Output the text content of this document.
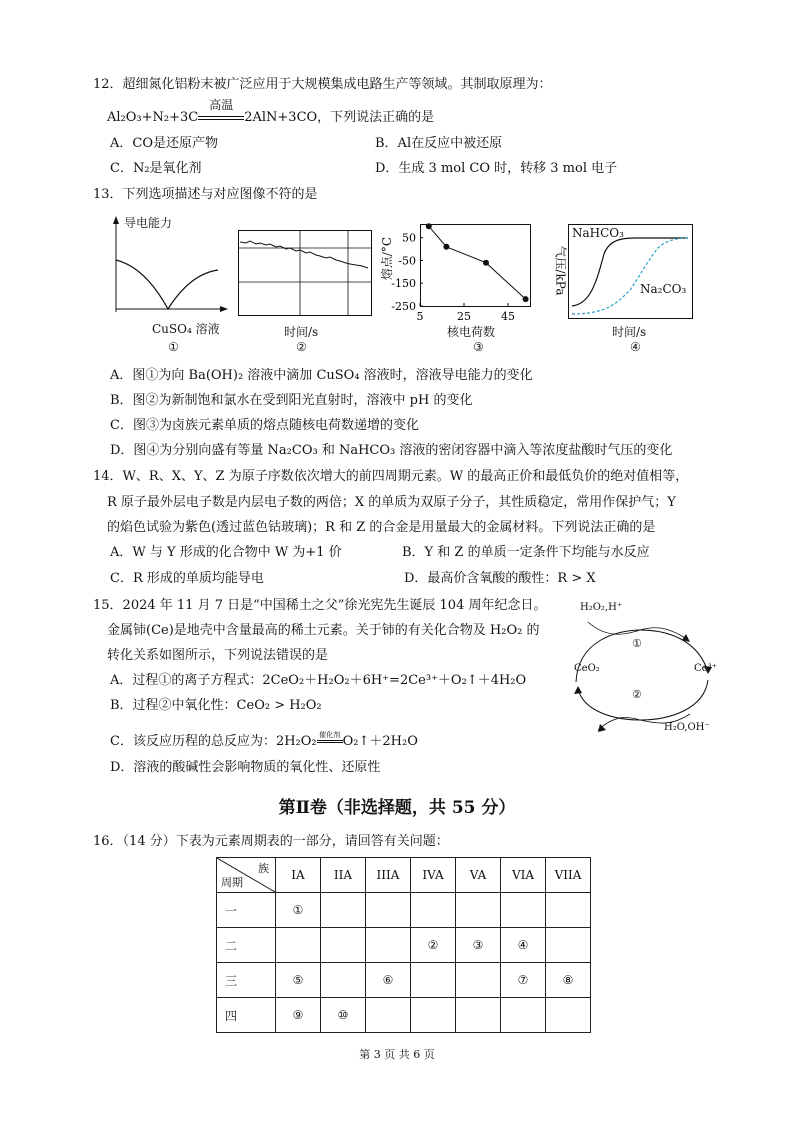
12．超细氮化铝粉末被广泛应用于大规模集成电路生产等领域。其制取原理为：
Al₂O₃+N₂+3C
高温
2AlN+3CO，下列说法正确的是
A．CO是还原产物	B．Al在反应中被还原
C．N₂是氧化剂	D．生成 3 mol CO 时，转移 3 mol 电子
13．下列选项描述与对应图像不符的是
导电能力
CuSO₄ 溶液
①
时间/s
②
50
-50
-150
-250
5	25	45
熔点/°C
核电荷数
③
NaHCO₃
Na₂CO₃
气压/kPa
时间/s
④
A．图①为向 Ba(OH)₂ 溶液中滴加 CuSO₄ 溶液时，溶液导电能力的变化
B．图②为新制饱和氯水在受到阳光直射时，溶液中 pH 的变化
C．图③为卤族元素单质的熔点随核电荷数递增的变化
D．图④为分别向盛有等量 Na₂CO₃ 和 NaHCO₃ 溶液的密闭容器中滴入等浓度盐酸时气压的变化
14．W、R、X、Y、Z 为原子序数依次增大的前四周期元素。W 的最高正价和最低负价的绝对值相等，
R 原子最外层电子数是内层电子数的两倍；X 的单质为双原子分子，其性质稳定，常用作保护气；Y
的焰色试验为紫色(透过蓝色钴玻璃)；R 和 Z 的合金是用量最大的金属材料。下列说法正确的是
A．W 与 Y 形成的化合物中 W 为+1 价	B．Y 和 Z 的单质一定条件下均能与水反应
C．R 形成的单质均能导电	D．最高价含氧酸的酸性：R > X
15．2024 年 11 月 7 日是“中国稀土之父”徐光宪先生诞辰 104 周年纪念日。
金属铈(Ce)是地壳中含量最高的稀土元素。关于铈的有关化合物及 H₂O₂ 的
转化关系如图所示，下列说法错误的是
A．过程①的离子方程式：2CeO₂＋H₂O₂＋6H⁺=2Ce³⁺＋O₂↑＋4H₂O
B．过程②中氧化性：CeO₂ > H₂O₂
C．该反应历程的总反应为：2H₂O₂ 催化剂 O₂↑＋2H₂O
D．溶液的酸碱性会影响物质的氧化性、还原性
H₂O₂,H⁺
CeO₂	Ce³⁺
H₂O,OH⁻
①
②
第Ⅱ卷（非选择题，共 55 分）
16．（14 分）下表为元素周期表的一部分，请回答有关问题：
族
周期	IA	IIA	IIIA	IVA	VA	VIA	VIIA
一	①						
二				②	③	④	
三	⑤		⑥			⑦	⑧
四	⑨	⑩					
第 3 页 共 6 页
